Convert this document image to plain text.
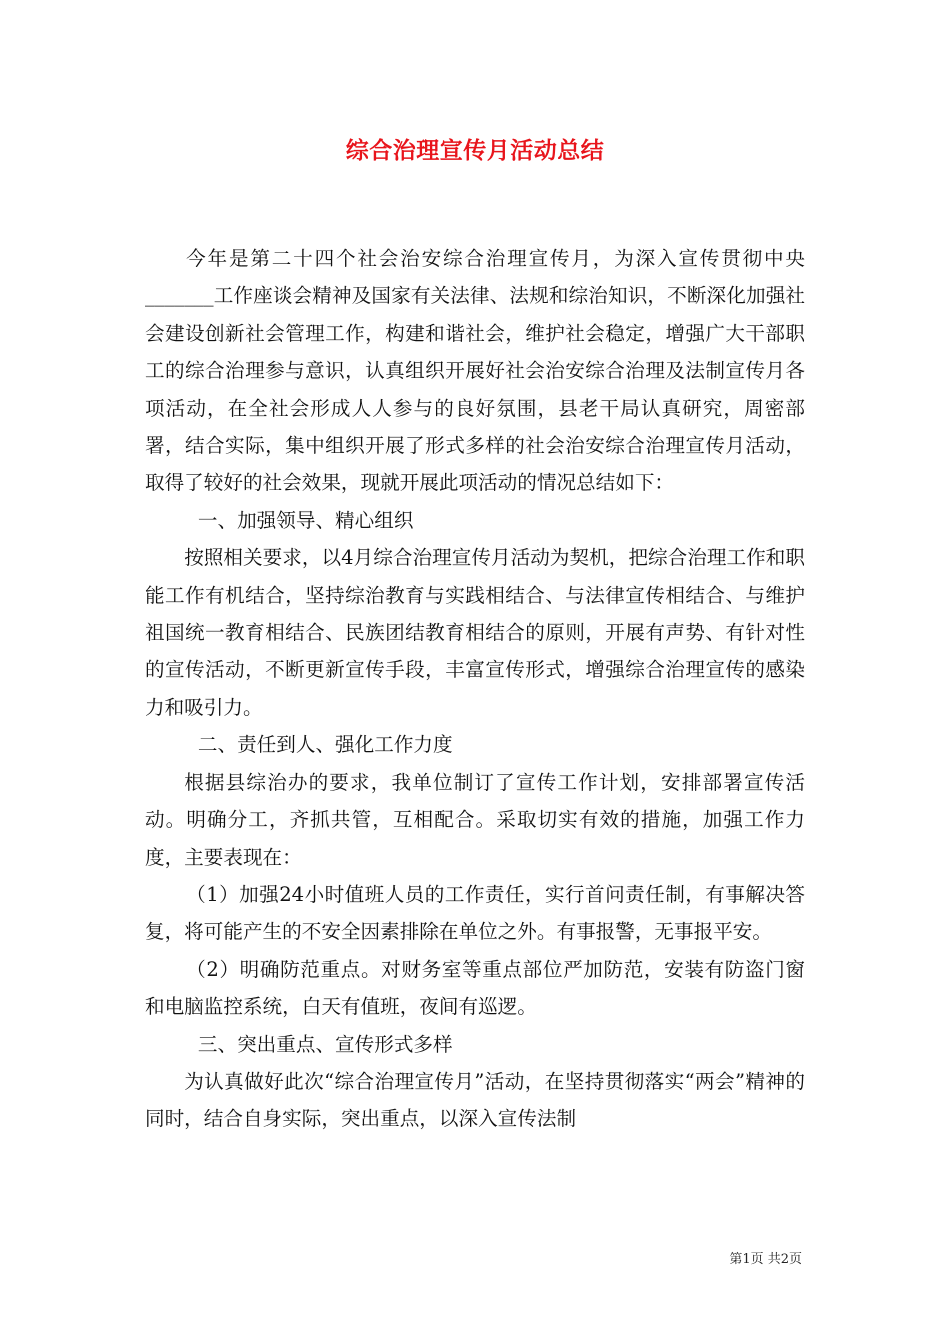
综合治理宣传月活动总结

今年是第二十四个社会治安综合治理宣传月，为深入宣传贯彻中央_______工作座谈会精神及国家有关法律、法规和综治知识，不断深化加强社会建设创新社会管理工作，构建和谐社会，维护社会稳定，增强广大干部职工的综合治理参与意识，认真组织开展好社会治安综合治理及法制宣传月各项活动，在全社会形成人人参与的良好氛围，县老干局认真研究，周密部署，结合实际，集中组织开展了形式多样的社会治安综合治理宣传月活动，取得了较好的社会效果，现就开展此项活动的情况总结如下：

一、加强领导、精心组织

按照相关要求，以4月综合治理宣传月活动为契机，把综合治理工作和职能工作有机结合，坚持综治教育与实践相结合、与法律宣传相结合、与维护祖国统一教育相结合、民族团结教育相结合的原则，开展有声势、有针对性的宣传活动，不断更新宣传手段，丰富宣传形式，增强综合治理宣传的感染力和吸引力。

二、责任到人、强化工作力度

根据县综治办的要求，我单位制订了宣传工作计划，安排部署宣传活动。明确分工，齐抓共管，互相配合。采取切实有效的措施，加强工作力度，主要表现在：

（1）加强24小时值班人员的工作责任，实行首问责任制，有事解决答复，将可能产生的不安全因素排除在单位之外。有事报警，无事报平安。

（2）明确防范重点。对财务室等重点部位严加防范，安装有防盗门窗和电脑监控系统，白天有值班，夜间有巡逻。

三、突出重点、宣传形式多样

为认真做好此次“综合治理宣传月”活动，在坚持贯彻落实“两会”精神的同时，结合自身实际，突出重点，以深入宣传法制

第1页 共2页
